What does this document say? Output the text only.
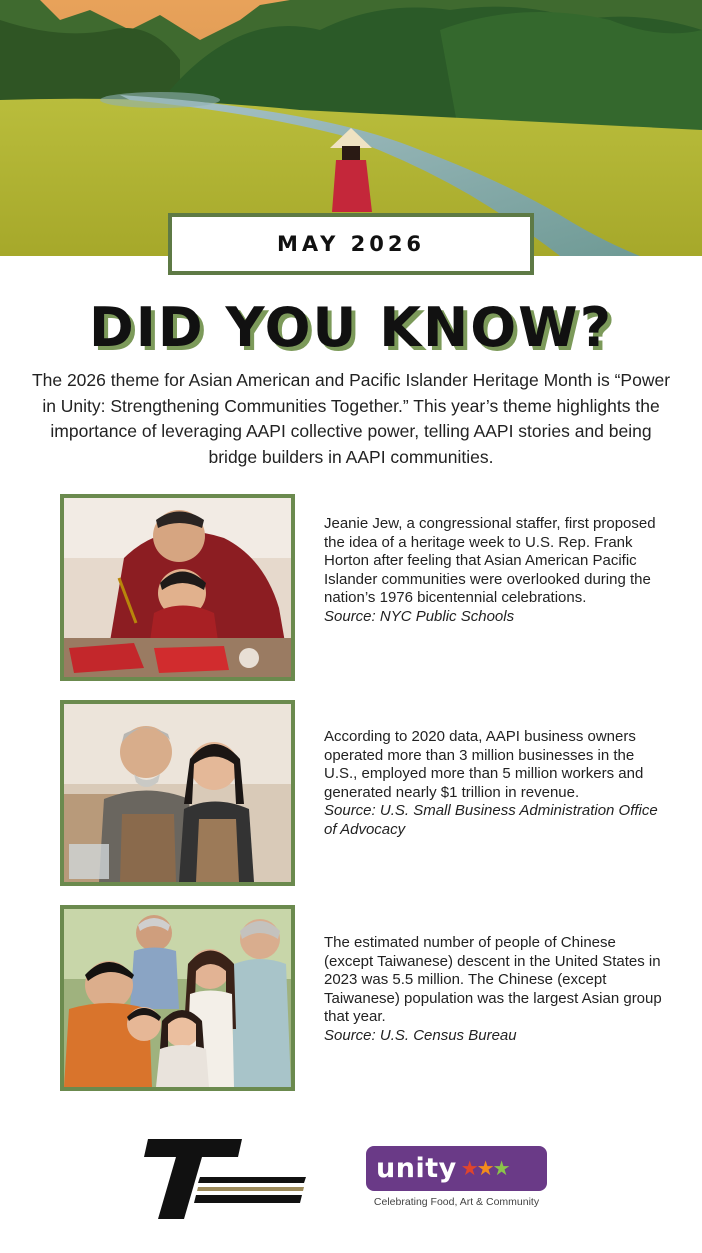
MAY 2026
DID YOU KNOW?
The 2026 theme for Asian American and Pacific Islander Heritage Month is “Power in Unity: Strengthening Communities Together.” This year’s theme highlights the importance of leveraging AAPI collective power, telling AAPI stories and being bridge builders in AAPI communities.
Jeanie Jew, a congressional staffer, first proposed the idea of a heritage week to U.S. Rep. Frank Horton after feeling that Asian American Pacific Islander communities were overlooked during the nation’s 1976 bicentennial celebrations.
Source: NYC Public Schools
According to 2020 data, AAPI business owners operated more than 3 million businesses in the U.S., employed more than 5 million workers and generated nearly $1 trillion in revenue.
Source: U.S. Small Business Administration Office of Advocacy
The estimated number of people of Chinese (except Taiwanese) descent in the United States in 2023 was 5.5 million. The Chinese (except Taiwanese) population was the largest Asian group that year.
Source: U.S. Census Bureau
THOMPSON HOSPITALITY	unity ★★★
Celebrating Food, Art & Community
